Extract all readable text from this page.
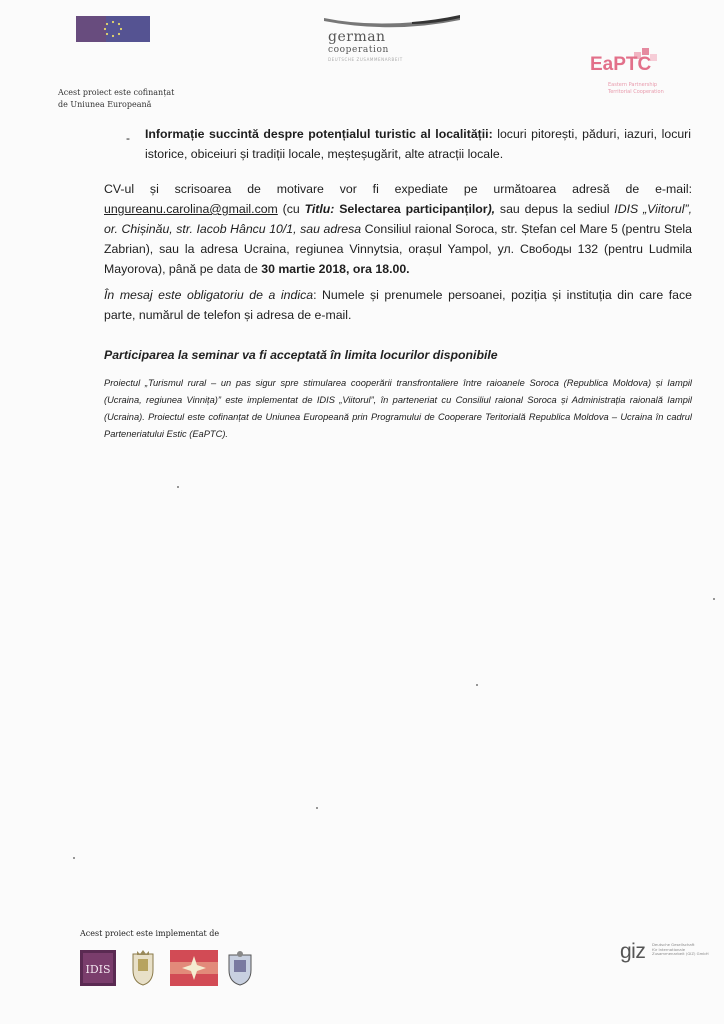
german
cooperation
DEUTSCHE ZUSAMMENARBEIT	EaPTC
Eastern Partnership
Territorial Cooperation
Acest proiect este cofinanțat
de Uniunea Europeană
- Informație succintă despre potențialul turistic al localității: locuri pitorești, păduri, iazuri, locuri istorice, obiceiuri și tradiții locale, meșteșugărit, alte atracții locale.
CV-ul și scrisoarea de motivare vor fi expediate pe următoarea adresă de e-mail: ungureanu.carolina@gmail.com (cu Titlu: Selectarea participanților), sau depus la sediul IDIS „Viitorul”, or. Chișinău, str. Iacob Hâncu 10/1, sau adresa Consiliul raional Soroca, str. Ștefan cel Mare 5 (pentru Stela Zabrian), sau la adresa Ucraina, regiunea Vinnytsia, orașul Yampol, ул. Свободы 132 (pentru Ludmila Mayorova), până pe data de 30 martie 2018, ora 18.00.
În mesaj este obligatoriu de a indica: Numele și prenumele persoanei, poziția și instituția din care face parte, numărul de telefon și adresa de e-mail.
Participarea la seminar va fi acceptată în limita locurilor disponibile
Proiectul „Turismul rural – un pas sigur spre stimularea cooperării transfrontaliere între raioanele Soroca (Republica Moldova) și Iampil (Ucraina, regiunea Vinnița)” este implementat de IDIS „Viitorul”, în parteneriat cu Consiliul raional Soroca și Administrația raională Iampil (Ucraina). Proiectul este cofinanțat de Uniunea Europeană prin Programului de Cooperare Teritorială Republica Moldova – Ucraina în cadrul Parteneriatului Estic (EaPTC).
Acest proiect este implementat de
IDIS
giz Deutsche Gesellschaft
für Internationale
Zusammenarbeit (GIZ) GmbH
